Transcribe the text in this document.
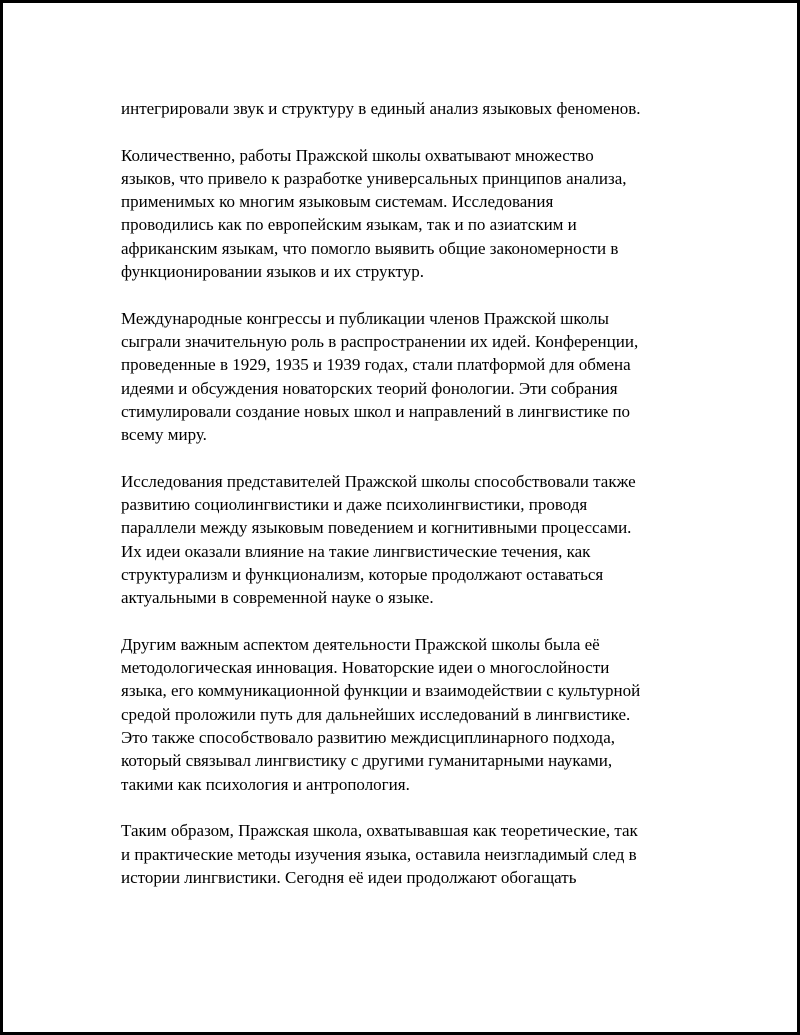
интегрировали звук и структуру в единый анализ языковых феноменов.

Количественно, работы Пражской школы охватывают множество
языков, что привело к разработке универсальных принципов анализа,
применимых ко многим языковым системам. Исследования
проводились как по европейским языкам, так и по азиатским и
африканским языкам, что помогло выявить общие закономерности в
функционировании языков и их структур.

Международные конгрессы и публикации членов Пражской школы
сыграли значительную роль в распространении их идей. Конференции,
проведенные в 1929, 1935 и 1939 годах, стали платформой для обмена
идеями и обсуждения новаторских теорий фонологии. Эти собрания
стимулировали создание новых школ и направлений в лингвистике по
всему миру.

Исследования представителей Пражской школы способствовали также
развитию социолингвистики и даже психолингвистики, проводя
параллели между языковым поведением и когнитивными процессами.
Их идеи оказали влияние на такие лингвистические течения, как
структурализм и функционализм, которые продолжают оставаться
актуальными в современной науке о языке.

Другим важным аспектом деятельности Пражской школы была её
методологическая инновация. Новаторские идеи о многослойности
языка, его коммуникационной функции и взаимодействии с культурной
средой проложили путь для дальнейших исследований в лингвистике.
Это также способствовало развитию междисциплинарного подхода,
который связывал лингвистику с другими гуманитарными науками,
такими как психология и антропология.

Таким образом, Пражская школа, охватывавшая как теоретические, так
и практические методы изучения языка, оставила неизгладимый след в
истории лингвистики. Сегодня её идеи продолжают обогащать
